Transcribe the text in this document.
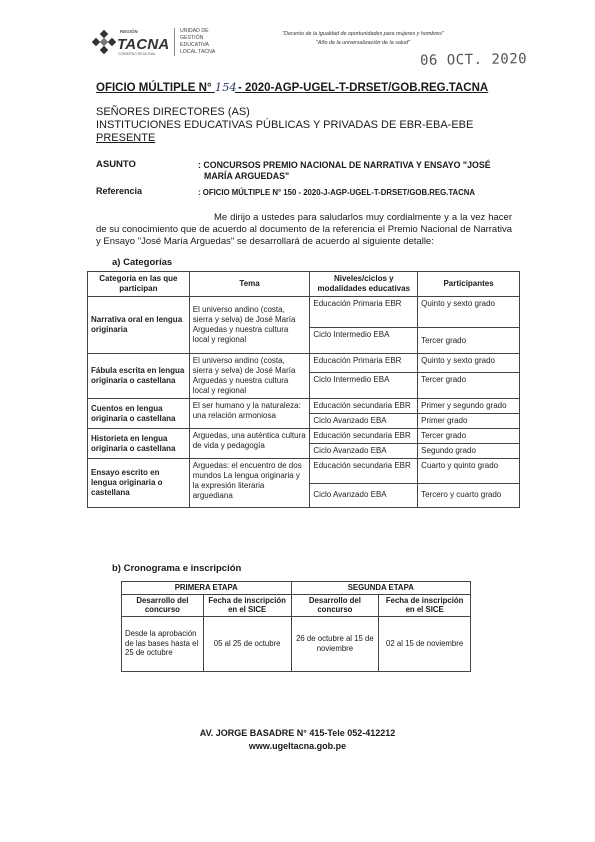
REGIÓN
TACNA
GOBIERNO REGIONAL
UNIDAD DE
GESTIÓN
EDUCATIVA
LOCAL TACNA
"Decenio de la igualdad de oportunidades para mujeres y hombres"
"Año de la universalización de la salud"
06 OCT. 2020
OFICIO MÚLTIPLE N° 154 - 2020-AGP-UGEL-T-DRSET/GOB.REG.TACNA
SEÑORES DIRECTORES (AS)
INSTITUCIONES EDUCATIVAS PÚBLICAS Y PRIVADAS DE EBR-EBA-EBE
PRESENTE
ASUNTO	: CONCURSOS PREMIO NACIONAL DE NARRATIVA Y ENSAYO "JOSÉ
MARÍA ARGUEDAS"
Referencia	: OFICIO MÚLTIPLE N° 150 - 2020-J-AGP-UGEL-T-DRSET/GOB.REG.TACNA
Me dirijo a ustedes para saludarlos muy cordialmente y a la vez hacer de su conocimiento que de acuerdo al documento de la referencia el Premio Nacional de Narrativa y Ensayo "José María Arguedas" se desarrollará de acuerdo al siguiente detalle:
a) Categorías
Categoría en las que participan	Tema	Niveles/ciclos y modalidades educativas	Participantes
Narrativa oral en lengua originaria	El universo andino (costa, sierra y selva) de José María Arguedas y nuestra cultura local y regional	Educación Primaria EBR	Quinto y sexto grado
		Ciclo Intermedio EBA	Tercer grado
Fábula escrita en lengua originaria o castellana	El universo andino (costa, sierra y selva) de José María Arguedas y nuestra cultura local y regional	Educación Primaria EBR	Quinto y sexto grado
		Ciclo Intermedio EBA	Tercer grado
Cuentos en lengua originaria o castellana	El ser humano y la naturaleza: una relación armoniosa	Educación secundaria EBR	Primer y segundo grado
		Ciclo Avanzado EBA	Primer grado
Historieta en lengua originaria o castellana	Arguedas, una auténtica cultura de vida y pedagogía	Educación secundaria EBR	Tercer grado
		Ciclo Avanzado EBA	Segundo grado
Ensayo escrito en lengua originaria o castellana	Arguedas: el encuentro de dos mundos La lengua originaria y la expresión literaria arguediana	Educación secundaria EBR	Cuarto y quinto grado
		Ciclo Avanzado EBA	Tercero y cuarto grado
b) Cronograma e inscripción
PRIMERA ETAPA		SEGUNDA ETAPA	
Desarrollo del concurso	Fecha de inscripción en el SICE	Desarrollo del concurso	Fecha de inscripción en el SICE
Desde la aprobación de las bases hasta el 25 de octubre	05 al 25 de octubre	26 de octubre al 15 de noviembre	02 al 15 de noviembre
AV. JORGE BASADRE N° 415-Tele 052-412212
www.ugeltacna.gob.pe
